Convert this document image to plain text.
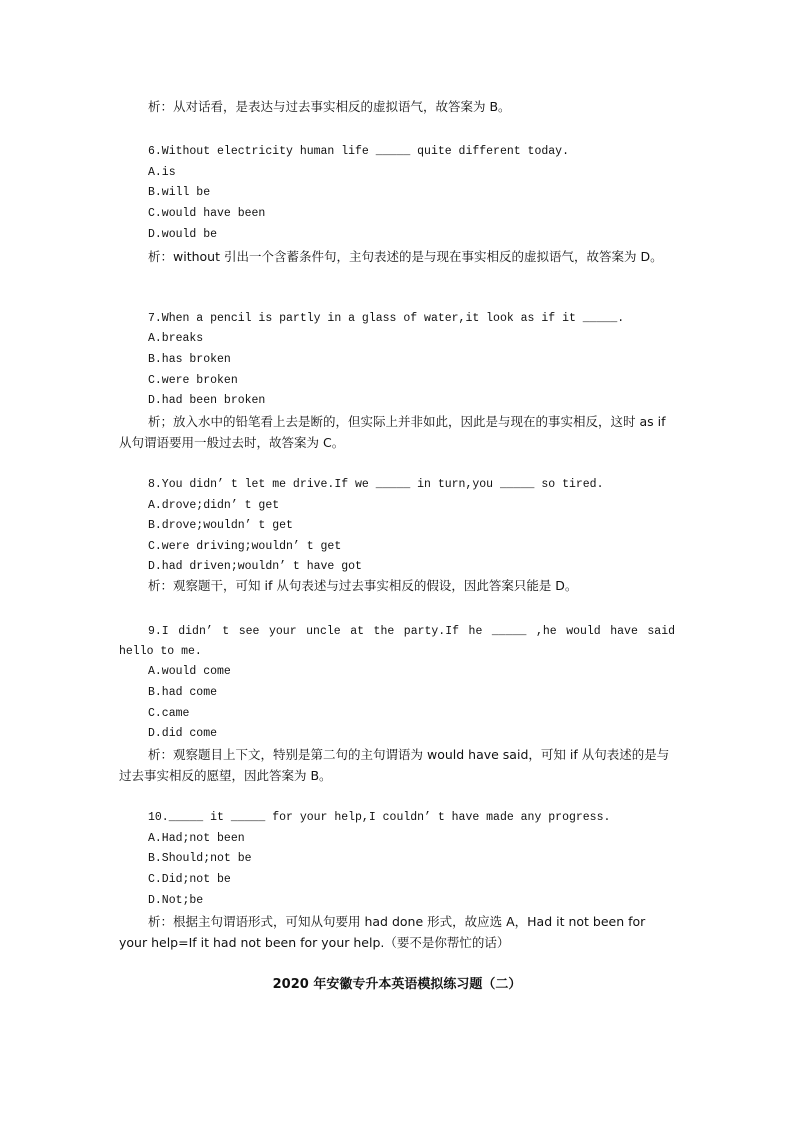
析：从对话看，是表达与过去事实相反的虚拟语气，故答案为 B。
6.Without electricity human life _____ quite different today.
A.is
B.will be
C.would have been
D.would be
析：without 引出一个含蓄条件句，主句表述的是与现在事实相反的虚拟语气，故答案为 D。
7.When a pencil is partly in a glass of water,it look as if it _____.
A.breaks
B.has broken
C.were broken
D.had been broken
析；放入水中的铅笔看上去是断的，但实际上并非如此，因此是与现在的事实相反，这时 as if 从句谓语要用一般过去时，故答案为 C。
8.You didn’ t let me drive.If we _____ in turn,you _____ so tired.
A.drove;didn’ t get
B.drove;wouldn’ t get
C.were driving;wouldn’ t get
D.had driven;wouldn’ t have got
析：观察题干，可知 if 从句表述与过去事实相反的假设，因此答案只能是 D。
9.I didn’ t see your uncle at the party.If he _____ ,he would have said hello to me.
A.would come
B.had come
C.came
D.did come
析：观察题目上下文，特别是第二句的主句谓语为 would have said，可知 if 从句表述的是与过去事实相反的愿望，因此答案为 B。
10._____ it _____ for your help,I couldn’ t have made any progress.
A.Had;not been
B.Should;not be
C.Did;not be
D.Not;be
析：根据主句谓语形式，可知从句要用 had done 形式，故应选 A，Had it not been for your help=If it had not been for your help.（要不是你帮忙的话）
2020 年安徽专升本英语模拟练习题（二）
